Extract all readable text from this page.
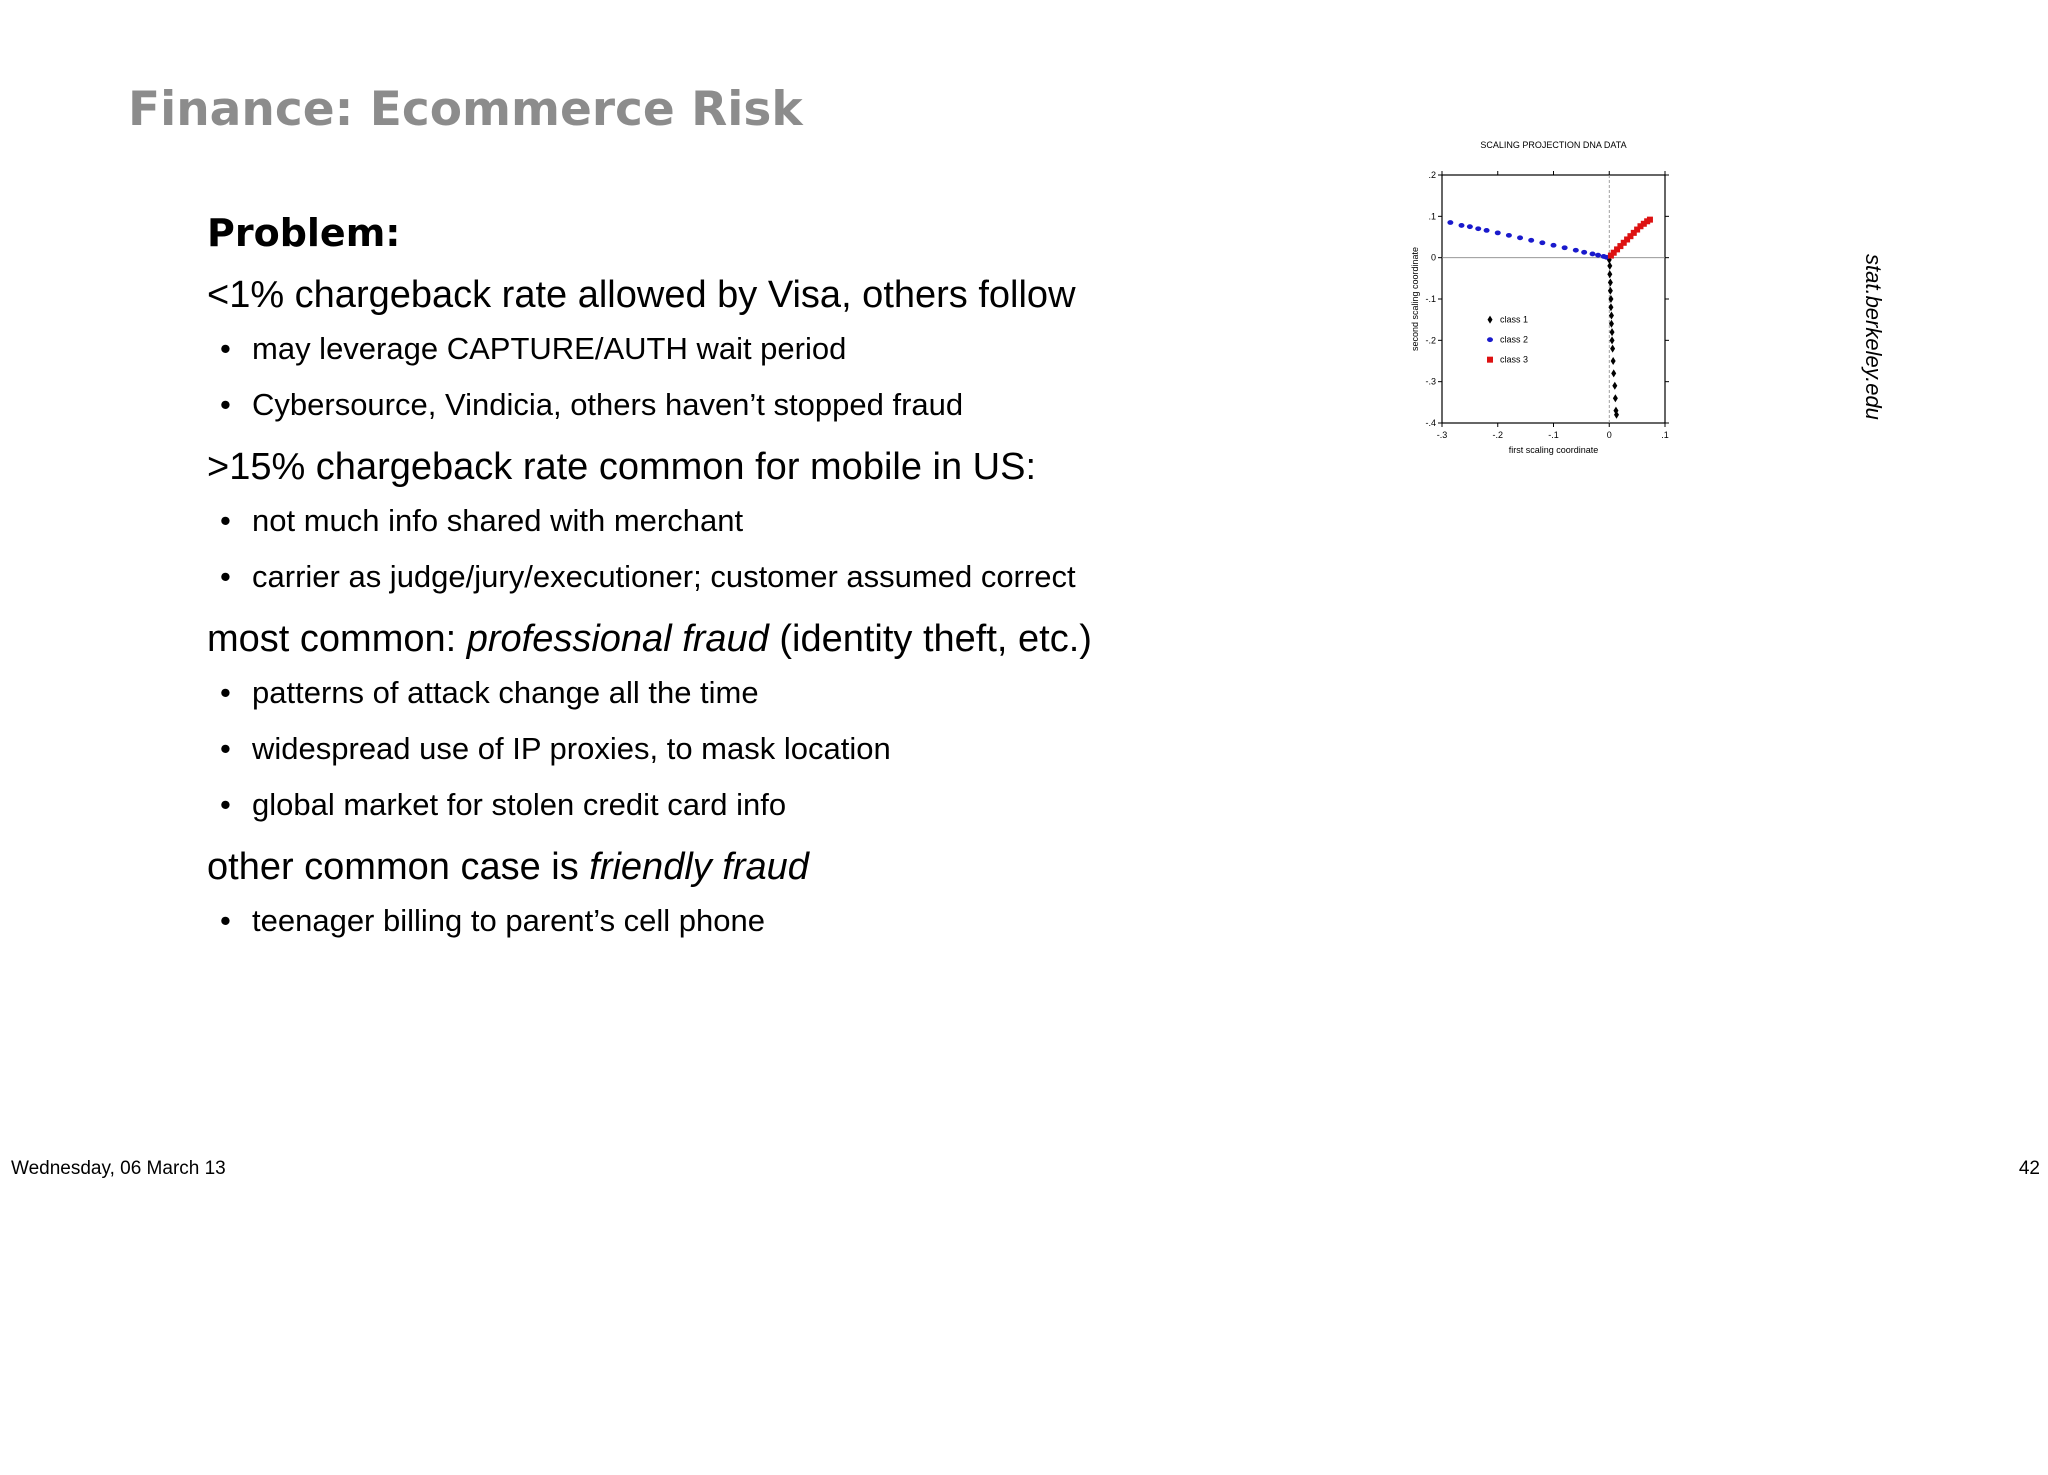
Finance: Ecommerce Risk
Problem:
<1% chargeback rate allowed by Visa, others follow
• may leverage CAPTURE/AUTH wait period
• Cybersource, Vindicia, others haven’t stopped fraud
>15% chargeback rate common for mobile in US:
• not much info shared with merchant
• carrier as judge/jury/executioner; customer assumed correct
most common: professional fraud (identity theft, etc.)
• patterns of attack change all the time
• widespread use of IP proxies, to mask location
• global market for stolen credit card info
other common case is friendly fraud
• teenager billing to parent’s cell phone
SCALING PROJECTION DNA DATA
-.3	-.2	-.1	0	.1
.2
.1
0
-.1
-.2
-.3
-.4
first scaling coordinate
second scaling coordinate	class 1
class 2
class 3	stat.berkeley.edu
Wednesday, 06 March 13	42
